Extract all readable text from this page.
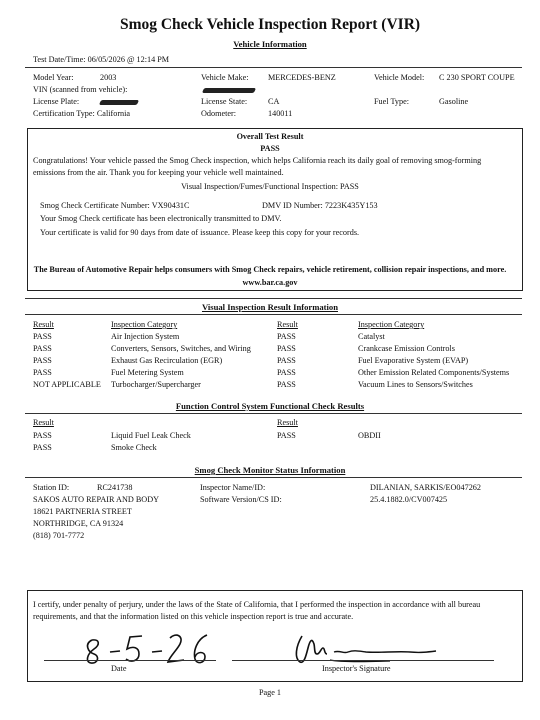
Smog Check Vehicle Inspection Report (VIR)
Vehicle Information
Test Date/Time: 06/05/2026 @ 12:14 PM
Model Year:	2003	Vehicle Make: MERCEDES-BENZ	Vehicle Model: C 230 SPORT COUPE
VIN (scanned from vehicle):
License Plate:	License State:	CA	Fuel Type:	Gasoline
Certification Type: California	Odometer:	140011
Overall Test Result
PASS
Congratulations! Your vehicle passed the Smog Check inspection, which helps California reach its daily goal of removing smog-forming
emissions from the air. Thank you for keeping your vehicle well maintained.
Visual Inspection/Fumes/Functional Inspection: PASS
Smog Check Certificate Number: VX90431C	DMV ID Number: 7223K435Y153
Your Smog Check certificate has been electronically transmitted to DMV.
Your certificate is valid for 90 days from date of issuance. Please keep this copy for your records.
The Bureau of Automotive Repair helps consumers with Smog Check repairs, vehicle retirement, collision repair inspections, and more.
www.bar.ca.gov
Visual Inspection Result Information
Result	Inspection Category	Result	Inspection Category
PASS	Air Injection System	PASS	Catalyst
PASS	Converters, Sensors, Switches, and Wiring	PASS	Crankcase Emission Controls
PASS	Exhaust Gas Recirculation (EGR)	PASS	Fuel Evaporative System (EVAP)
PASS	Fuel Metering System	PASS	Other Emission Related Components/Systems
NOT APPLICABLE Turbocharger/Supercharger	PASS	Vacuum Lines to Sensors/Switches
Function Control System Functional Check Results
Result	Result
PASS	Liquid Fuel Leak Check	PASS	OBDII
PASS	Smoke Check
Smog Check Monitor Status Information
Station ID:	RC241738	Inspector Name/ID:	DILANIAN, SARKIS/EO047262
SAKOS AUTO REPAIR AND BODY	Software Version/CS ID:	25.4.1882.0/CV007425
18621 PARTNERIA STREET
NORTHRIDGE, CA 91324
(818) 701-7772
I certify, under penalty of perjury, under the laws of the State of California, that I performed the inspection in accordance with all bureau
requirements, and that the information listed on this vehicle inspection report is true and accurate.
Date	Inspector's Signature
Page 1
